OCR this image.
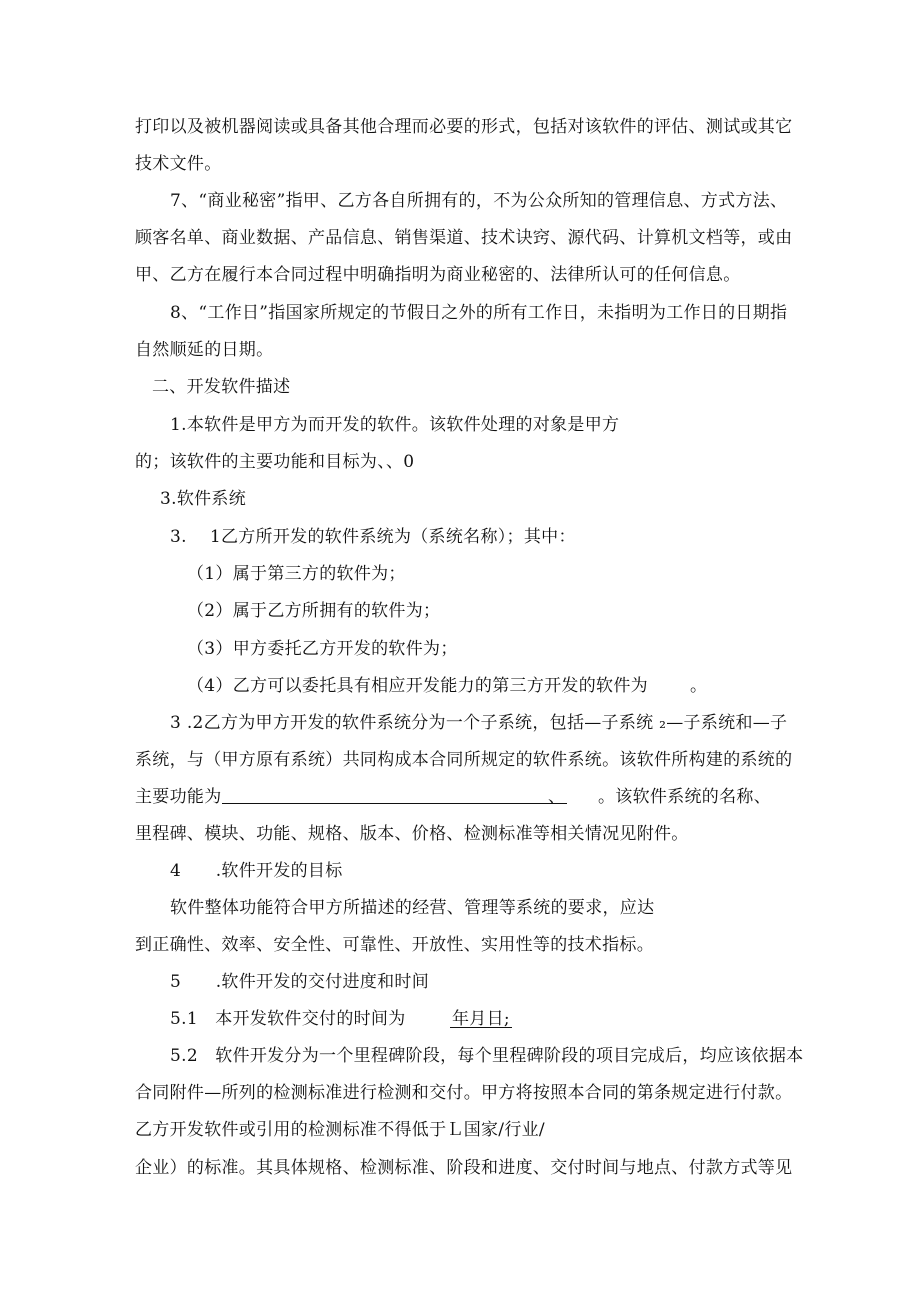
打印以及被机器阅读或具备其他合理而必要的形式，包括对该软件的评估、测试或其它
技术文件。
7、“商业秘密”指甲、乙方各自所拥有的，不为公众所知的管理信息、方式方法、
顾客名单、商业数据、产品信息、销售渠道、技术诀窍、源代码、计算机文档等，或由
甲、乙方在履行本合同过程中明确指明为商业秘密的、法律所认可的任何信息。
8、“工作日”指国家所规定的节假日之外的所有工作日，未指明为工作日的日期指
自然顺延的日期。
二、开发软件描述
1.本软件是甲方为而开发的软件。该软件处理的对象是甲方
的；该软件的主要功能和目标为、、0
3.软件系统
3.　 1乙方所开发的软件系统为（系统名称）；其中：
（1）属于第三方的软件为；
（2）属于乙方所拥有的软件为；
（3）甲方委托乙方开发的软件为；
（4）乙方可以委托具有相应开发能力的第三方开发的软件为 。
3 .2乙方为甲方开发的软件系统分为一个子系统，包括—子系统 ₂—子系统和—子
系统，与（甲方原有系统）共同构成本合同所规定的软件系统。该软件所构建的系统的
主要功能为	、 。该软件系统的名称、
里程碑、模块、功能、规格、版本、价格、检测标准等相关情况见附件。
4　　.软件开发的目标
软件整体功能符合甲方所描述的经营、管理等系统的要求，应达
到正确性、效率、安全性、可靠性、开放性、实用性等的技术指标。
5　　.软件开发的交付进度和时间
5.1　本开发软件交付的时间为	年月日;
5.2　软件开发分为一个里程碑阶段，每个里程碑阶段的项目完成后，均应该依据本
合同附件—所列的检测标准进行检测和交付。甲方将按照本合同的第条规定进行付款。
乙方开发软件或引用的检测标准不得低于Ｌ国家/行业/
企业）的标准。其具体规格、检测标准、阶段和进度、交付时间与地点、付款方式等见
